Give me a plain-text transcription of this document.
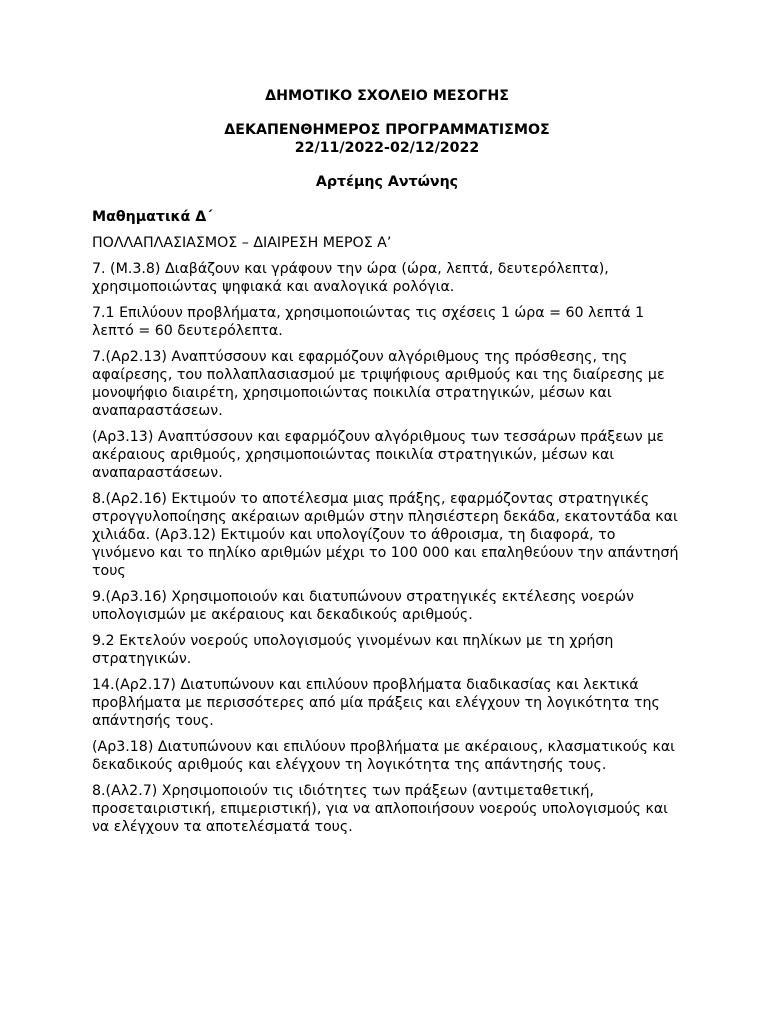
ΔΗΜΟΤΙΚΟ ΣΧΟΛΕΙΟ ΜΕΣΟΓΗΣ

ΔΕΚΑΠΕΝΘΗΜΕΡΟΣ ΠΡΟΓΡΑΜΜΑΤΙΣΜΟΣ

22/11/2022-02/12/2022

Αρτέμης Αντώνης

Μαθηματικά Δ΄

ΠΟΛΛΑΠΛΑΣΙΑΣΜΟΣ – ΔΙΑΙΡΕΣΗ ΜΕΡΟΣ Α’

7. (Μ.3.8) Διαβάζουν και γράφουν την ώρα (ώρα, λεπτά, δευτερόλεπτα), χρησιμοποιώντας ψηφιακά και αναλογικά ρολόγια.

7.1 Επιλύουν προβλήματα, χρησιμοποιώντας τις σχέσεις 1 ώρα = 60 λεπτά 1 λεπτό = 60 δευτερόλεπτα.

7.(Αρ2.13) Αναπτύσσουν και εφαρμόζουν αλγόριθμους της πρόσθεσης, της αφαίρεσης, του πολλαπλασιασμού με τριψήφιους αριθμούς και της διαίρεσης με μονοψήφιο διαιρέτη, χρησιμοποιώντας ποικιλία στρατηγικών, μέσων και αναπαραστάσεων.

(Αρ3.13) Αναπτύσσουν και εφαρμόζουν αλγόριθμους των τεσσάρων πράξεων με ακέραιους αριθμούς, χρησιμοποιώντας ποικιλία στρατηγικών, μέσων και αναπαραστάσεων.

8.(Αρ2.16) Εκτιμούν το αποτέλεσμα μιας πράξης, εφαρμόζοντας στρατηγικές στρογγυλοποίησης ακέραιων αριθμών στην πλησιέστερη δεκάδα, εκατοντάδα και χιλιάδα. (Αρ3.12) Εκτιμούν και υπολογίζουν το άθροισμα, τη διαφορά, το γινόμενο και το πηλίκο αριθμών μέχρι το 100 000 και επαληθεύουν την απάντησή τους

9.(Αρ3.16) Χρησιμοποιούν και διατυπώνουν στρατηγικές εκτέλεσης νοερών υπολογισμών με ακέραιους και δεκαδικούς αριθμούς.

9.2 Εκτελούν νοερούς υπολογισμούς γινομένων και πηλίκων με τη χρήση στρατηγικών.

14.(Αρ2.17) Διατυπώνουν και επιλύουν προβλήματα διαδικασίας και λεκτικά προβλήματα με περισσότερες από μία πράξεις και ελέγχουν τη λογικότητα της απάντησής τους.

(Αρ3.18) Διατυπώνουν και επιλύουν προβλήματα με ακέραιους, κλασματικούς και δεκαδικούς αριθμούς και ελέγχουν τη λογικότητα της απάντησής τους.

8.(Αλ2.7) Χρησιμοποιούν τις ιδιότητες των πράξεων (αντιμεταθετική, προσεταιριστική, επιμεριστική), για να απλοποιήσουν νοερούς υπολογισμούς και να ελέγχουν τα αποτελέσματά τους.
